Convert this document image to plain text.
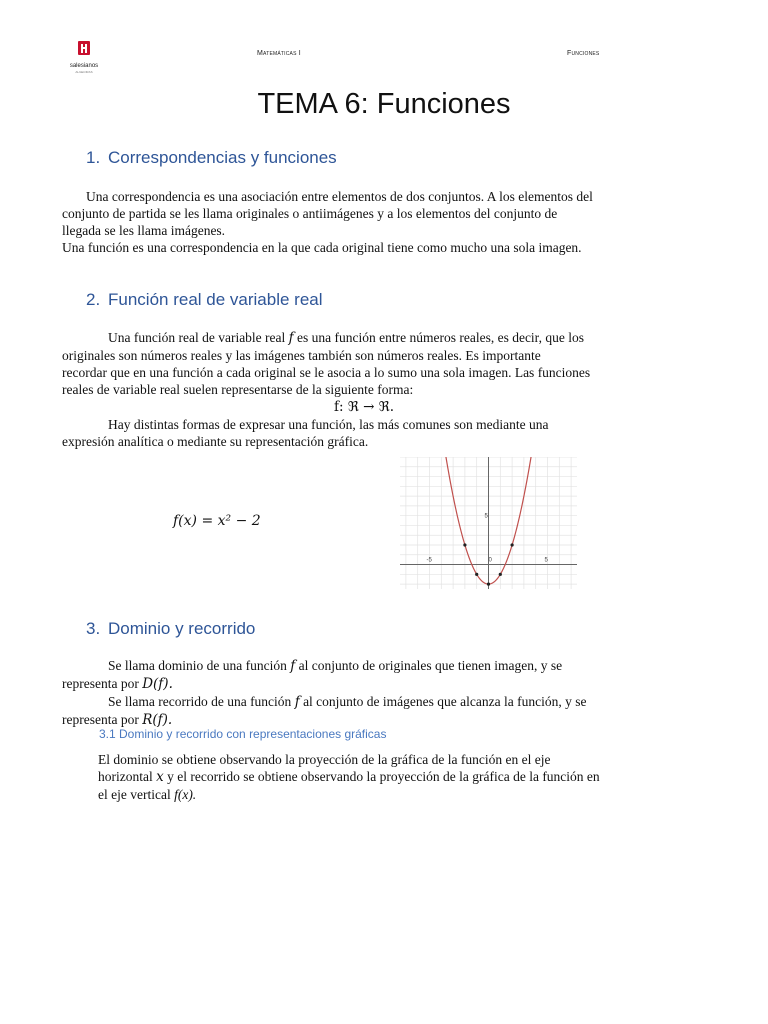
salesianos
ALGECIRAS
Matemáticas I	Funciones
TEMA 6: Funciones
1. Correspondencias y funciones
Una correspondencia es una asociación entre elementos de dos conjuntos. A los elementos del
conjunto de partida se les llama originales o antiimágenes y a los elementos del conjunto de
llegada se les llama imágenes.
Una función es una correspondencia en la que cada original tiene como mucho una sola imagen.
2. Función real de variable real
Una función real de variable real f es una función entre números reales, es decir, que los
originales son números reales y las imágenes también son números reales. Es importante
recordar que en una función a cada original se le asocia a lo sumo una sola imagen. Las funciones
reales de variable real suelen representarse de la siguiente forma:
f: ℜ → ℜ.
Hay distintas formas de expresar una función, las más comunes son mediante una
expresión analítica o mediante su representación gráfica.
f(x) = x² − 2
-5	0	5
5
3. Dominio y recorrido
Se llama dominio de una función f al conjunto de originales que tienen imagen, y se
representa por D(f).
Se llama recorrido de una función f al conjunto de imágenes que alcanza la función, y se
representa por R(f).
3.1 Dominio y recorrido con representaciones gráficas
El dominio se obtiene observando la proyección de la gráfica de la función en el eje
horizontal x y el recorrido se obtiene observando la proyección de la gráfica de la función en
el eje vertical f(x).
